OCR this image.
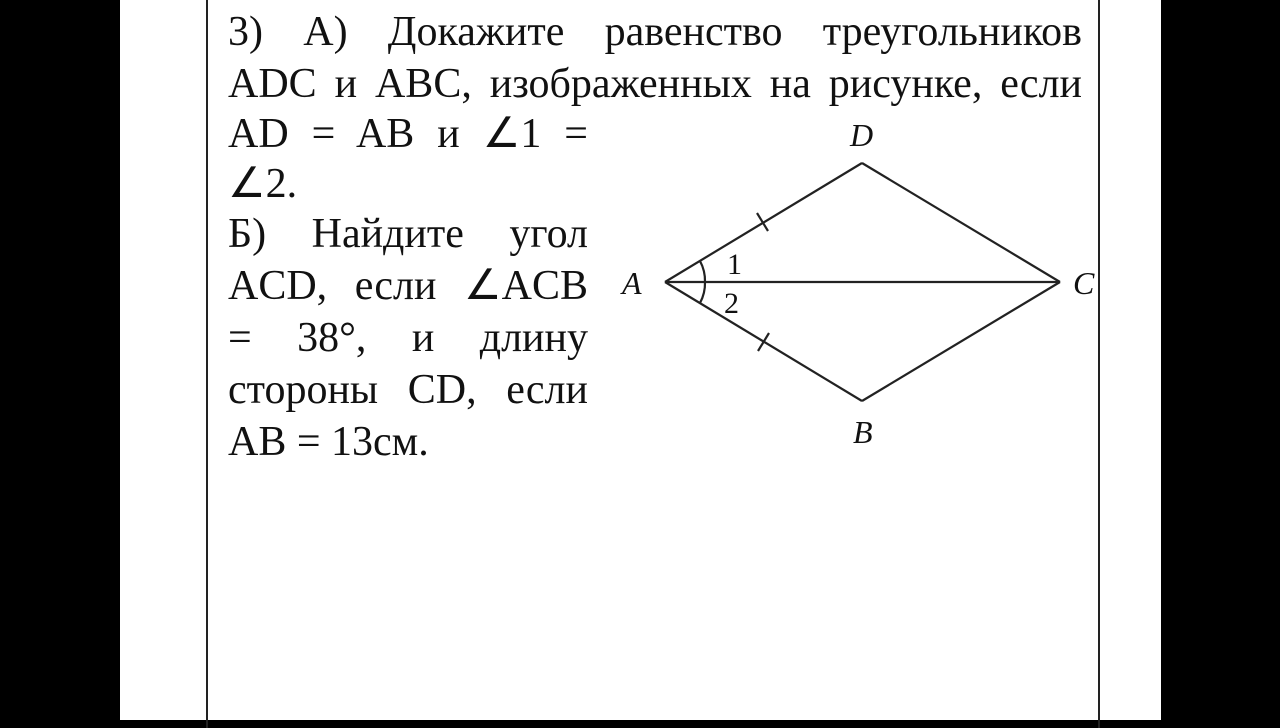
3) А) Докажите равенство треугольников

ADC и ABC, изображенных на рисунке, если

AD = AB и ∠1 =

∠2.

Б) Найдите угол

ACD, если ∠ACB

= 38°, и длину

стороны CD, если

AB = 13см.

D
A	C
B
1
2
